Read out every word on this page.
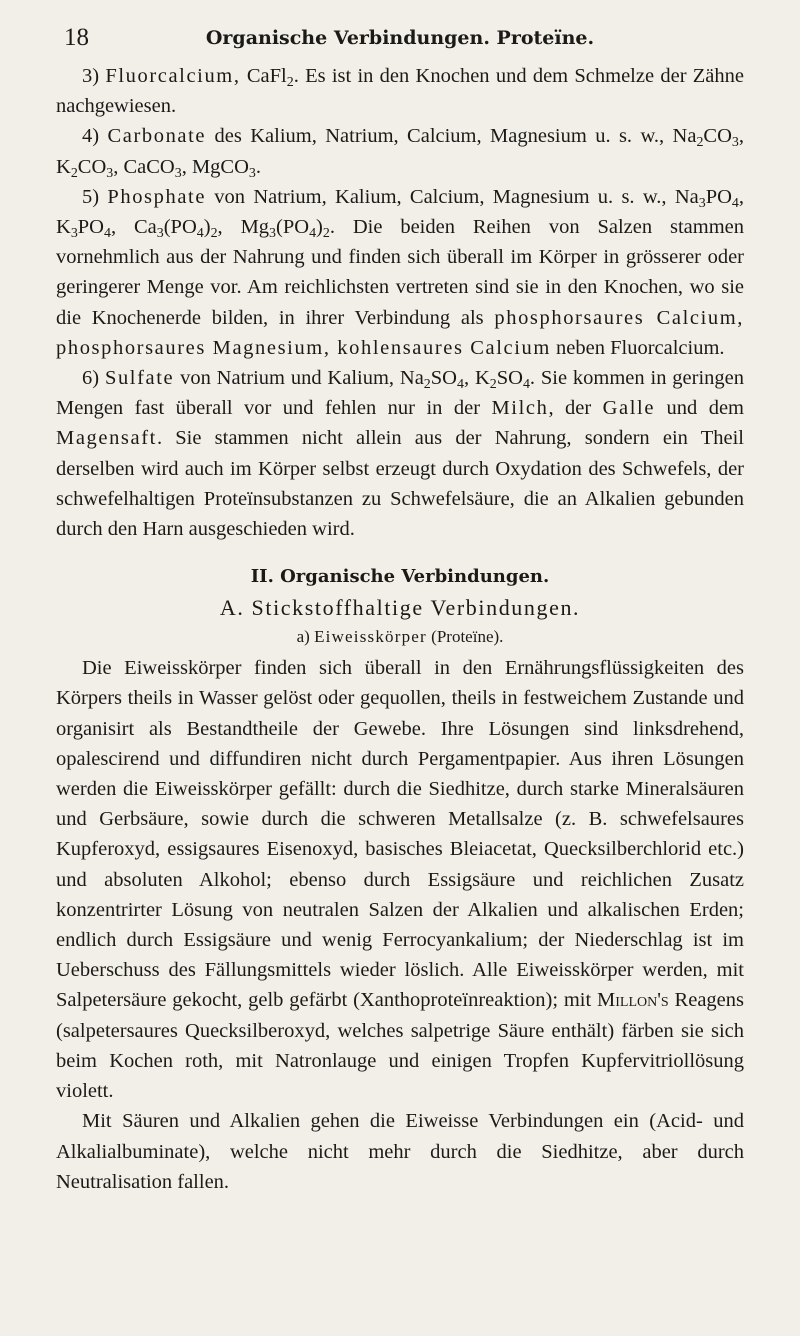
18	Organische Verbindungen. Proteïne.

3) Fluorcalcium, CaFl$_2$. Es ist in den Knochen und dem Schmelze der Zähne nachgewiesen.

4) Carbonate des Kalium, Natrium, Calcium, Magnesium u. s. w., $Na_2CO_3$, $K_2CO_3$, CaCO$_3$, MgCO$_3$.

5) Phosphate von Natrium, Kalium, Calcium, Magnesium u. s. w., $Na_3PO_4$, $K_3PO_4$, $Ca_3(PO_4)_2$, $Mg_3(PO_4)_2$. Die beiden Reihen von Salzen stammen vornehmlich aus der Nahrung und finden sich überall im Körper in grösserer oder geringerer Menge vor. Am reichlichsten vertreten sind sie in den Knochen, wo sie die Knochenerde bilden, in ihrer Verbindung als phosphorsaures Calcium, phosphorsaures Magnesium, kohlensaures Calcium neben Fluorcalcium.

6) Sulfate von Natrium und Kalium, $Na_2SO_4$, $K_2SO_4$. Sie kommen in geringen Mengen fast überall vor und fehlen nur in der Milch, der Galle und dem Magensaft. Sie stammen nicht allein aus der Nahrung, sondern ein Theil derselben wird auch im Körper selbst erzeugt durch Oxydation des Schwefels, der schwefelhaltigen Proteïnsubstanzen zu Schwefelsäure, die an Alkalien gebunden durch den Harn ausgeschieden wird.

II. Organische Verbindungen.
A. Stickstoffhaltige Verbindungen.
a) Eiweisskörper (Proteïne).

Die Eiweisskörper finden sich überall in den Ernährungsflüssigkeiten des Körpers theils in Wasser gelöst oder gequollen, theils in festweichem Zustande und organisirt als Bestandtheile der Gewebe. Ihre Lösungen sind linksdrehend, opalescirend und diffundiren nicht durch Pergamentpapier. Aus ihren Lösungen werden die Eiweisskörper gefällt: durch die Siedhitze, durch starke Mineralsäuren und Gerbsäure, sowie durch die schweren Metallsalze (z. B. schwefelsaures Kupferoxyd, essigsaures Eisenoxyd, basisches Bleiacetat, Quecksilberchlorid etc.) und absoluten Alkohol; ebenso durch Essigsäure und reichlichen Zusatz konzentrirter Lösung von neutralen Salzen der Alkalien und alkalischen Erden; endlich durch Essigsäure und wenig Ferrocyankalium; der Niederschlag ist im Ueberschuss des Fällungsmittels wieder löslich. Alle Eiweisskörper werden, mit Salpetersäure gekocht, gelb gefärbt (Xanthoproteïnreaktion); mit Millon's Reagens (salpetersaures Quecksilberoxyd, welches salpetrige Säure enthält) färben sie sich beim Kochen roth, mit Natronlauge und einigen Tropfen Kupfervitriollösung violett.

Mit Säuren und Alkalien gehen die Eiweisse Verbindungen ein (Acid- und Alkalialbuminate), welche nicht mehr durch die Siedhitze, aber durch Neutralisation fallen.
